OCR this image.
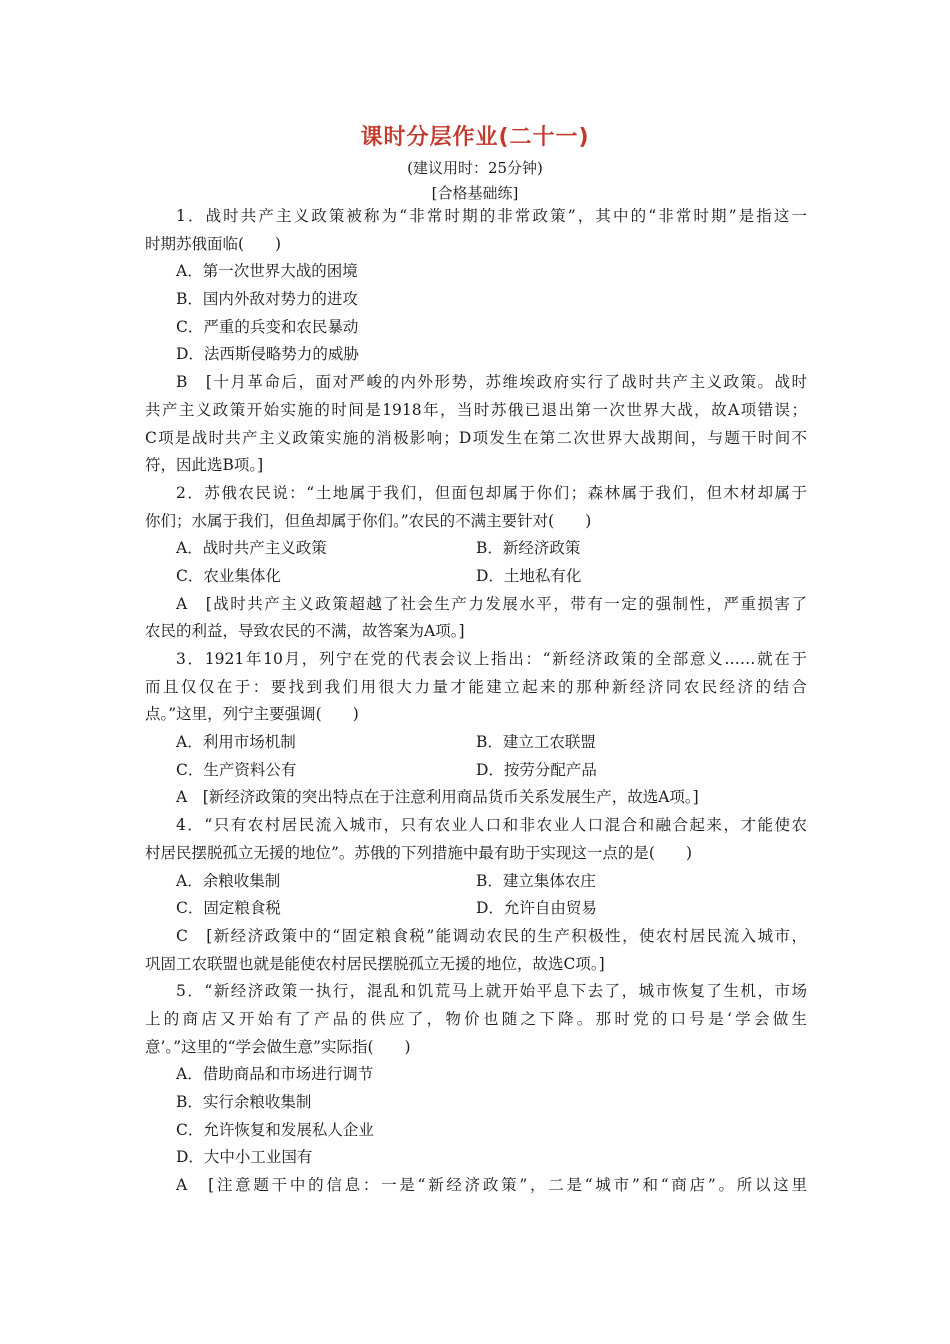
课时分层作业(二十一)
(建议用时：25分钟)
[合格基础练]
1．战时共产主义政策被称为“非常时期的非常政策”，其中的“非常时期”是指这一
时期苏俄面临(　　)
A．第一次世界大战的困境
B．国内外敌对势力的进攻
C．严重的兵变和农民暴动
D．法西斯侵略势力的威胁
B　[十月革命后，面对严峻的内外形势，苏维埃政府实行了战时共产主义政策。战时
共产主义政策开始实施的时间是1918年，当时苏俄已退出第一次世界大战，故A项错误；
C项是战时共产主义政策实施的消极影响；D项发生在第二次世界大战期间，与题干时间不
符，因此选B项。]
2．苏俄农民说：“土地属于我们，但面包却属于你们；森林属于我们，但木材却属于
你们；水属于我们，但鱼却属于你们。”农民的不满主要针对(　　)
A．战时共产主义政策	B．新经济政策
C．农业集体化	D．土地私有化
A　[战时共产主义政策超越了社会生产力发展水平，带有一定的强制性，严重损害了
农民的利益，导致农民的不满，故答案为A项。]
3．1921年10月，列宁在党的代表会议上指出：“新经济政策的全部意义……就在于
而且仅仅在于：要找到我们用很大力量才能建立起来的那种新经济同农民经济的结合
点。”这里，列宁主要强调(　　)
A．利用市场机制	B．建立工农联盟
C．生产资料公有	D．按劳分配产品
A　[新经济政策的突出特点在于注意利用商品货币关系发展生产，故选A项。]
4．“只有农村居民流入城市，只有农业人口和非农业人口混合和融合起来，才能使农
村居民摆脱孤立无援的地位”。苏俄的下列措施中最有助于实现这一点的是(　　)
A．余粮收集制	B．建立集体农庄
C．固定粮食税	D．允许自由贸易
C　[新经济政策中的“固定粮食税”能调动农民的生产积极性，使农村居民流入城市，
巩固工农联盟也就是能使农村居民摆脱孤立无援的地位，故选C项。]
5．“新经济政策一执行，混乱和饥荒马上就开始平息下去了，城市恢复了生机，市场
上的商店又开始有了产品的供应了，物价也随之下降。那时党的口号是‘学会做生
意’。”这里的“学会做生意”实际指(　　)
A．借助商品和市场进行调节
B．实行余粮收集制
C．允许恢复和发展私人企业
D．大中小工业国有
A　[注意题干中的信息：一是“新经济政策”，二是“城市”和“商店”。所以这里
